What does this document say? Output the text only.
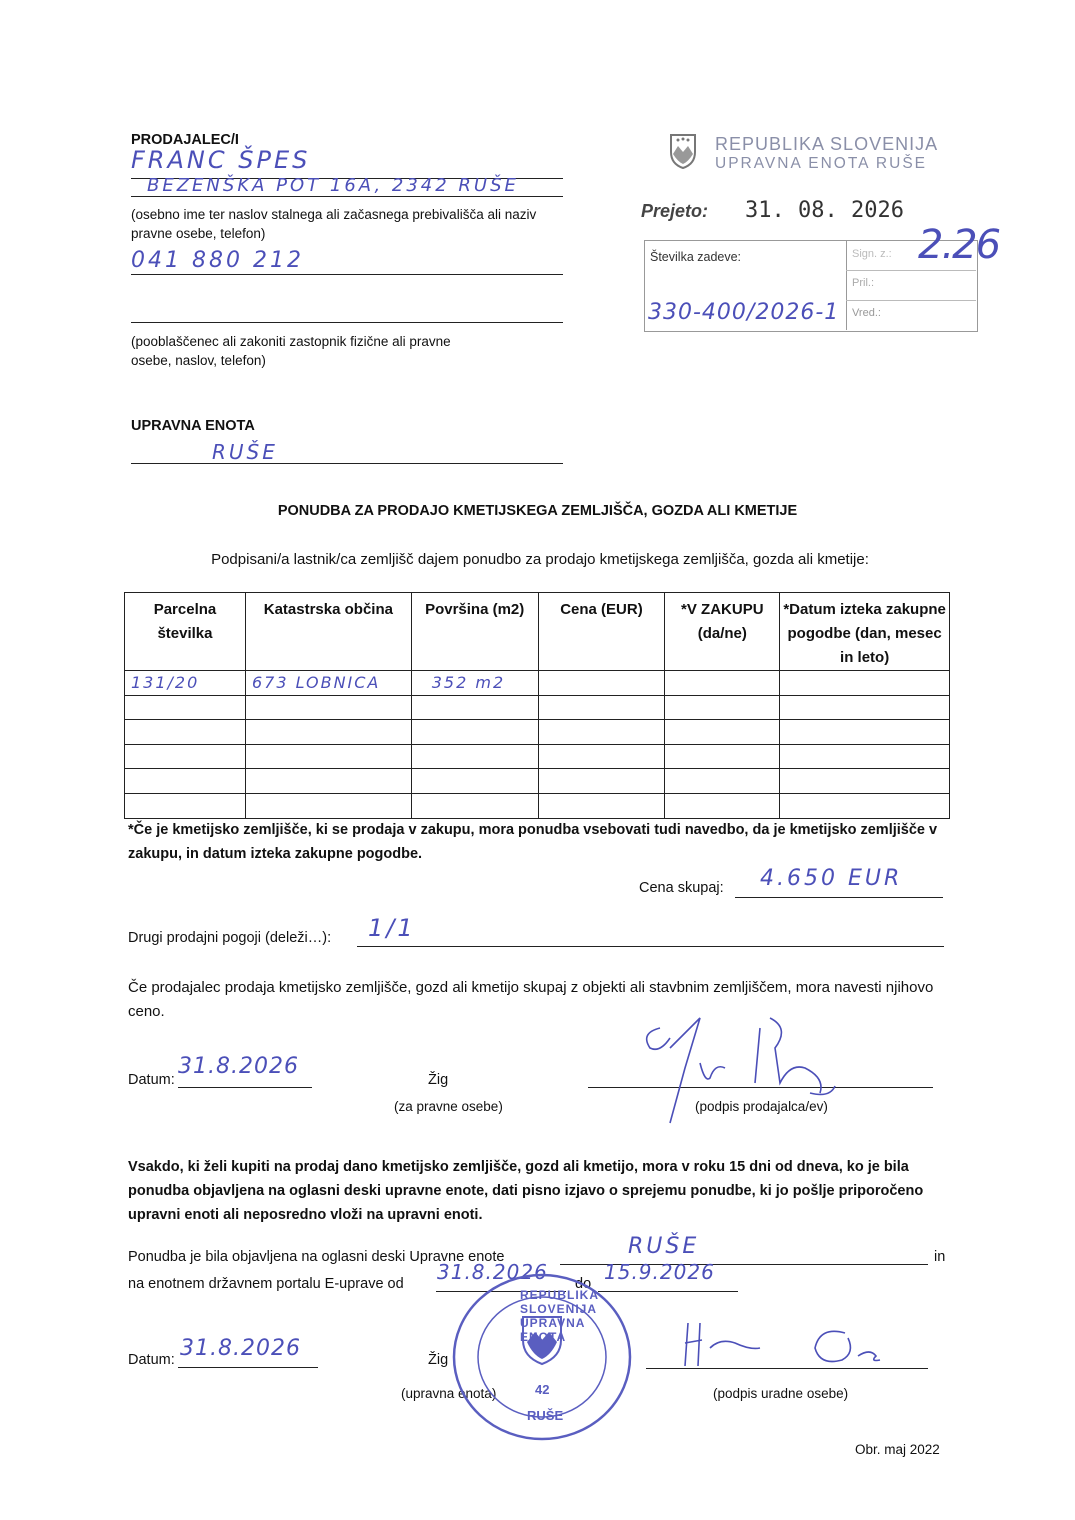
PRODAJALEC/I
FRANC ŠPES
BEZENŠKA POT 16A, 2342 RUŠE
(osebno ime ter naslov stalnega ali začasnega prebivališča ali naziv pravne osebe, telefon)
041 880 212
(pooblaščenec ali zakoniti zastopnik fizične ali pravne osebe, naslov, telefon)
UPRAVNA ENOTA
RUŠE
REPUBLIKA SLOVENIJA
UPRAVNA ENOTA RUŠE
Prejeto: 31. 08. 2026
Številka zadeve:	Sign. z.:
Pril.:
Vred.:
330-400/2026-1
2.26
PONUDBA ZA PRODAJO KMETIJSKEGA ZEMLJIŠČA, GOZDA ALI KMETIJE
Podpisani/a lastnik/ca zemljišč dajem ponudbo za prodajo kmetijskega zemljišča, gozda ali kmetije:
Parcelna številka	Katastrska občina	Površina (m2)	Cena (EUR)	*V ZAKUPU (da/ne)	*Datum izteka zakupne pogodbe (dan, mesec in leto)
131/20	673 LOBNICA	352 m2			

*Če je kmetijsko zemljišče, ki se prodaja v zakupu, mora ponudba vsebovati tudi navedbo, da je kmetijsko zemljišče v zakupu, in datum izteka zakupne pogodbe.
Cena skupaj: 4.650 EUR
Drugi prodajni pogoji (deleži…): 1/1
Če prodajalec prodaja kmetijsko zemljišče, gozd ali kmetijo skupaj z objekti ali stavbnim zemljiščem, mora navesti njihovo ceno.
Datum:
31.8.2026
Žig
(za pravne osebe)	(podpis prodajalca/ev)
Vsakdo, ki želi kupiti na prodaj dano kmetijsko zemljišče, gozd ali kmetijo, mora v roku 15 dni od dneva, ko je bila ponudba objavljena na oglasni deski upravne enote, dati pisno izjavo o sprejemu ponudbe, ki jo pošlje priporočeno upravni enoti ali neposredno vloži na upravni enoti.
Ponudba je bila objavljena na oglasni deski Upravne enote	RUŠE	in
na enotnem državnem portalu E-uprave od 31.8.2026 do 15.9.2026
Datum: 31.8.2026	Žig
(upravna enota)	(podpis uradne osebe)
REPUBLIKA SLOVENIJA UPRAVNA ENOTA
42
RUŠE
Obr. maj 2022
